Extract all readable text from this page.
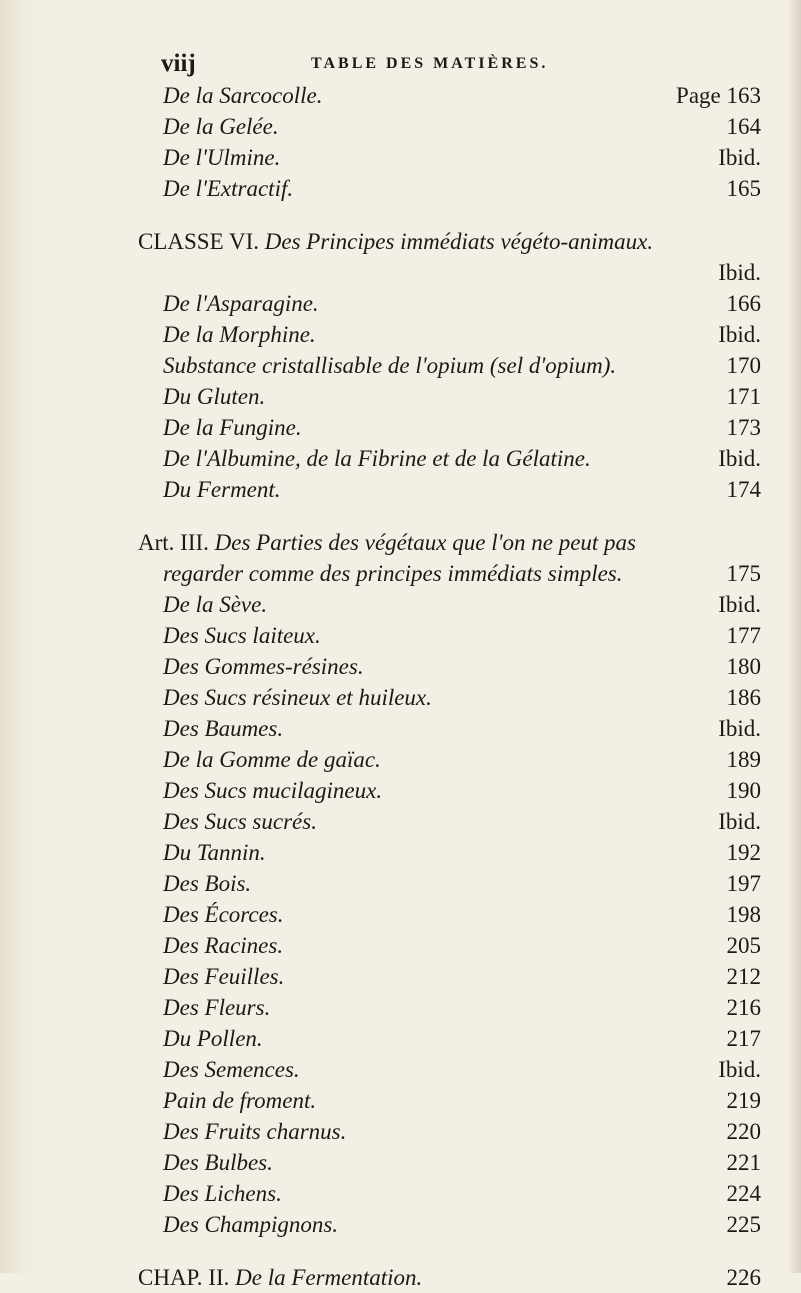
viij	TABLE DES MATIÈRES.
De la Sarcocolle.	Page 163
De la Gelée.	164
De l'Ulmine.	Ibid.
De l'Extractif.	165
CLASSE VI. Des Principes immédiats végéto-animaux.
Ibid.
De l'Asparagine.	166
De la Morphine.	Ibid.
Substance cristallisable de l'opium (sel d'opium).	170
Du Gluten.	171
De la Fungine.	173
De l'Albumine, de la Fibrine et de la Gélatine.	Ibid.
Du Ferment.	174
Art. III. Des Parties des végétaux que l'on ne peut pas
regarder comme des principes immédiats simples.	175
De la Sève.	Ibid.
Des Sucs laiteux.	177
Des Gommes-résines.	180
Des Sucs résineux et huileux.	186
Des Baumes.	Ibid.
De la Gomme de gaïac.	189
Des Sucs mucilagineux.	190
Des Sucs sucrés.	Ibid.
Du Tannin.	192
Des Bois.	197
Des Écorces.	198
Des Racines.	205
Des Feuilles.	212
Des Fleurs.	216
Du Pollen.	217
Des Semences.	Ibid.
Pain de froment.	219
Des Fruits charnus.	220
Des Bulbes.	221
Des Lichens.	224
Des Champignons.	225
CHAP. II. De la Fermentation.	226
